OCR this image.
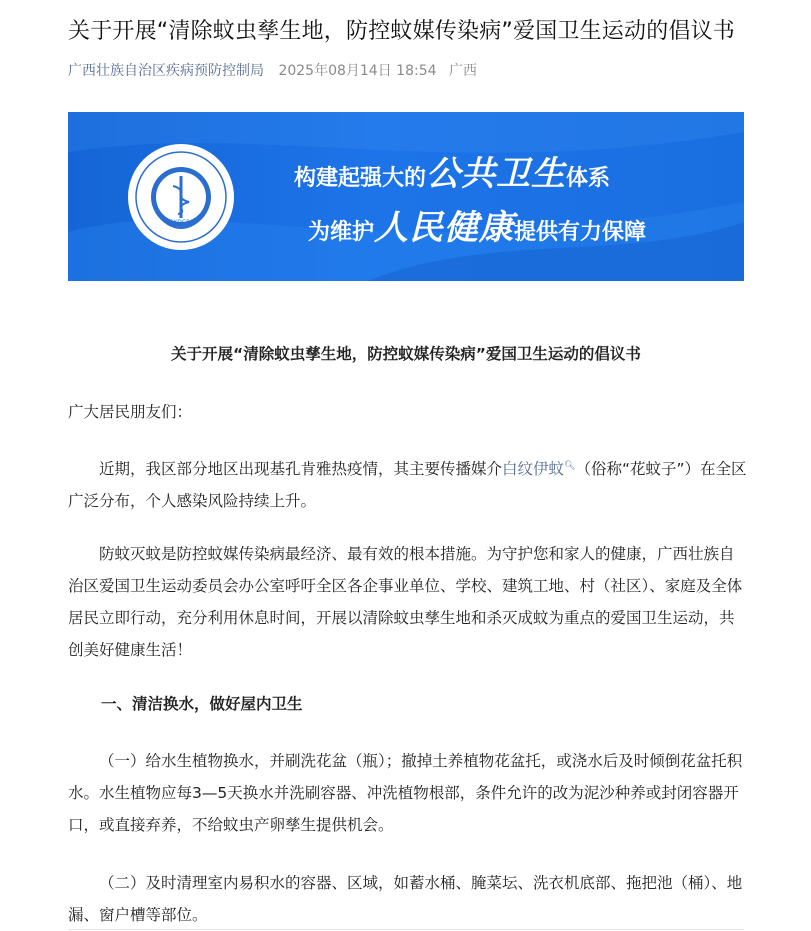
关于开展“清除蚊虫孳生地，防控蚊媒传染病”爱国卫生运动的倡议书
广西壮族自治区疾病预防控制局 2025年08月14日 18:54 广西
GXDCPA
构建起强大的公共卫生体系
为维护人民健康提供有力保障
关于开展“清除蚊虫孳生地，防控蚊媒传染病”爱国卫生运动的倡议书
广大居民朋友们：
近期，我区部分地区出现基孔肯雅热疫情，其主要传播媒介白纹伊蚊🔍︎（俗称“花蚊子”）在全区广泛分布，个人感染风险持续上升。
防蚊灭蚊是防控蚊媒传染病最经济、最有效的根本措施。为守护您和家人的健康，广西壮族自治区爱国卫生运动委员会办公室呼吁全区各企事业单位、学校、建筑工地、村（社区）、家庭及全体居民立即行动，充分利用休息时间，开展以清除蚊虫孳生地和杀灭成蚊为重点的爱国卫生运动，共创美好健康生活！
一、清洁换水，做好屋内卫生
（一）给水生植物换水，并刷洗花盆（瓶）；撤掉土养植物花盆托，或浇水后及时倾倒花盆托积水。水生植物应每3—5天换水并洗刷容器、冲洗植物根部，条件允许的改为泥沙种养或封闭容器开口，或直接弃养，不给蚊虫产卵孳生提供机会。
（二）及时清理室内易积水的容器、区域，如蓄水桶、腌菜坛、洗衣机底部、拖把池（桶）、地漏、窗户槽等部位。
